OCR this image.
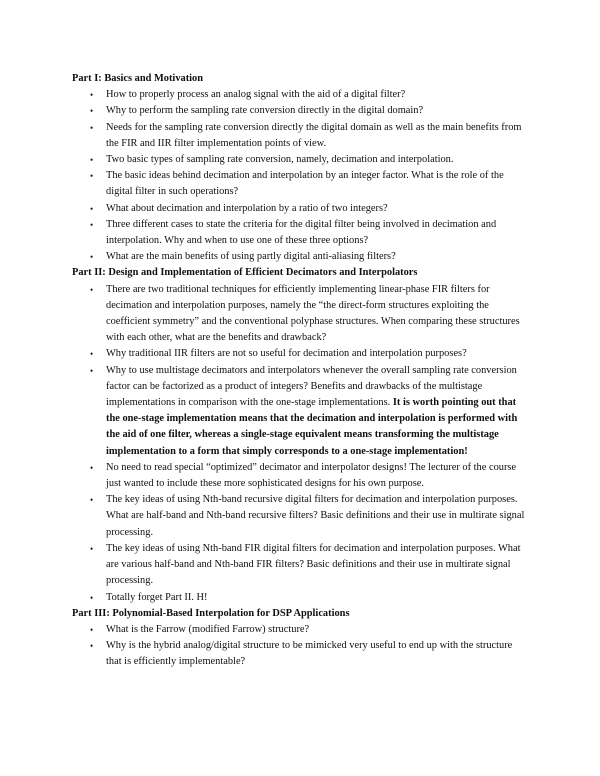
Part I: Basics and Motivation

• How to properly process an analog signal with the aid of a digital filter?
• Why to perform the sampling rate conversion directly in the digital domain?
• Needs for the sampling rate conversion directly the digital domain as well as the main benefits from the FIR and IIR filter implementation points of view.
• Two basic types of sampling rate conversion, namely, decimation and interpolation.
• The basic ideas behind decimation and interpolation by an integer factor. What is the role of the digital filter in such operations?
• What about decimation and interpolation by a ratio of two integers?
• Three different cases to state the criteria for the digital filter being involved in decimation and interpolation. Why and when to use one of these three options?
• What are the main benefits of using partly digital anti-aliasing filters?

Part II: Design and Implementation of Efficient Decimators and Interpolators

• There are two traditional techniques for efficiently implementing linear-phase FIR filters for decimation and interpolation purposes, namely the “the direct-form structures exploiting the coefficient symmetry” and the conventional polyphase structures. When comparing these structures with each other, what are the benefits and drawback?
• Why traditional IIR filters are not so useful for decimation and interpolation purposes?
• Why to use multistage decimators and interpolators whenever the overall sampling rate conversion factor can be factorized as a product of integers? Benefits and drawbacks of the multistage implementations in comparison with the one-stage implementations. It is worth pointing out that the one-stage implementation means that the decimation and interpolation is performed with the aid of one filter, whereas a single-stage equivalent means transforming the multistage implementation to a form that simply corresponds to a one-stage implementation!
• No need to read special “optimized” decimator and interpolator designs! The lecturer of the course just wanted to include these more sophisticated designs for his own purpose.
• The key ideas of using Nth-band recursive digital filters for decimation and interpolation purposes. What are half-band and Nth-band recursive filters? Basic definitions and their use in multirate signal processing.
• The key ideas of using Nth-band FIR digital filters for decimation and interpolation purposes. What are various half-band and Nth-band FIR filters? Basic definitions and their use in multirate signal processing.
• Totally forget Part II. H!

Part III: Polynomial-Based Interpolation for DSP Applications

• What is the Farrow (modified Farrow) structure?
• Why is the hybrid analog/digital structure to be mimicked very useful to end up with the structure that is efficiently implementable?
